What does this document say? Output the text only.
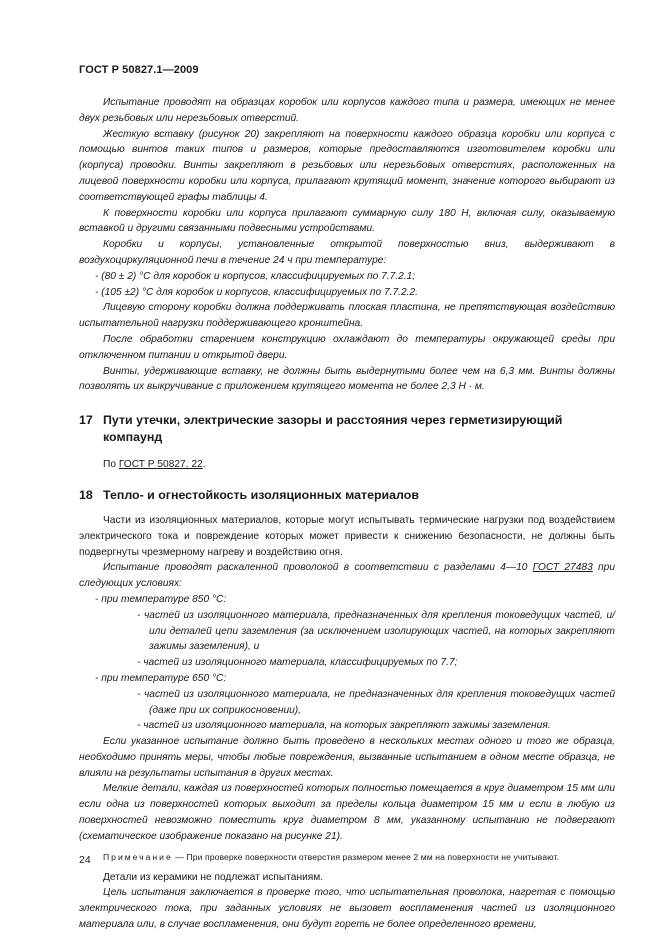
ГОСТ Р 50827.1—2009

Испытание проводят на образцах коробок или корпусов каждого типа и размера, имеющих не менее двух резьбовых или нерезьбовых отверстий.

Жесткую вставку (рисунок 20) закрепляют на поверхности каждого образца коробки или корпуса с помощью винтов таких типов и размеров, которые предоставляются изготовителем коробки или (корпуса) проводки. Винты закрепляют в резьбовых или нерезьбовых отверстиях, расположенных на лицевой поверхности коробки или корпуса, прилагают крутящий момент, значение которого выбирают из соответствующей графы таблицы 4.

К поверхности коробки или корпуса прилагают суммарную силу 180 Н, включая силу, оказываемую вставкой и другими связанными подвесными устройствами.

Коробки и корпусы, установленные открытой поверхностью вниз, выдерживают в воздухоциркуляционной печи в течение 24 ч при температуре:

- (80 ± 2) °С для коробок и корпусов, классифицируемых по 7.7.2.1;

- (105 ±2) °С для коробок и корпусов, классифицируемых по 7.7.2.2.

Лицевую сторону коробки должна поддерживать плоская пластина, не препятствующая воздействию испытательной нагрузки поддерживающего кронштейна.

После обработки старением конструкцию охлаждают до температуры окружающей среды при отключенном питании и открытой двери.

Винты, удерживающие вставку, не должны быть выдернутыми более чем на 6,3 мм. Винты должны позволять их выкручивание с приложением крутящего момента не более 2,3 Н · м.

17 Пути утечки, электрические зазоры и расстояния через герметизирующий компаунд

По ГОСТ Р 50827. 22.

18 Тепло- и огнестойкость изоляционных материалов

Части из изоляционных материалов, которые могут испытывать термические нагрузки под воздействием электрического тока и повреждение которых может привести к снижению безопасности, не должны быть подвергнуты чрезмерному нагреву и воздействию огня.

Испытание проводят раскаленной проволокой в соответствии с разделами 4—10 ГОСТ 27483 при следующих условиях:

- при температуре 850 °С:

- частей из изоляционного материала, предназначенных для крепления токоведущих частей, и/или деталей цепи заземления (за исключением изолирующих частей, на которых закрепляют зажимы заземления), и

- частей из изоляционного материала, классифицируемых по 7.7;

- при температуре 650 °С:

- частей из изоляционного материала, не предназначенных для крепления токоведущих частей (даже при их соприкосновении),

- частей из изоляционного материала, на которых закрепляют зажимы заземления.

Если указанное испытание должно быть проведено в нескольких местах одного и того же образца, необходимо принять меры, чтобы любые повреждения, вызванные испытанием в одном месте образца, не влияли на результаты испытания в других местах.

Мелкие детали, каждая из поверхностей которых полностью помещается в круг диаметром 15 мм или если одна из поверхностей которых выходит за пределы кольца диаметром 15 мм и если в любую из поверхностей невозможно поместить круг диаметром 8 мм, указанному испытанию не подвергают (схематическое изображение показано на рисунке 21).

Примечание — При проверке поверхности отверстия размером менее 2 мм на поверхности не учитывают.

Детали из керамики не подлежат испытаниям.

Цель испытания заключается в проверке того, что испытательная проволока, нагретая с помощью электрического тока, при заданных условиях не вызовет воспламенения частей из изоляционного материала или, в случае воспламенения, они будут гореть не более определенного времени,

24
